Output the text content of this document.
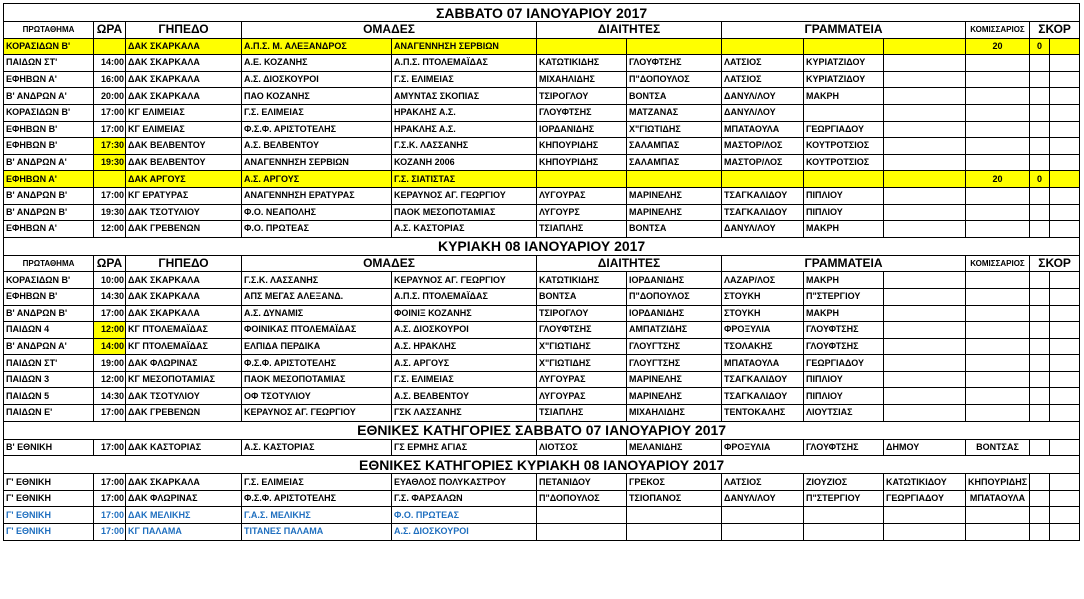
ΣΑΒΒΑΤΟ 07 ΙΑΝΟΥΑΡΙΟΥ 2017												
ΠΡΩΤΑΘΗΜΑ	ΩΡΑ	ΓΗΠΕΔΟ	ΟΜΑΔΕΣ		ΔΙΑΙΤΗΤΕΣ		ΓΡΑΜΜΑΤΕΙΑ			ΚΟΜΙΣΣΑΡΙΟΣ	ΣΚΟΡ	
ΚΟΡΑΣΙΔΩΝ Β'		ΔΑΚ ΣΚΑΡΚΑΛΑ	Α.Π.Σ. Μ. ΑΛΕΞΑΝΔΡΟΣ	ΑΝΑΓΕΝΝΗΣΗ ΣΕΡΒΙΩΝ						20	0	
ΠΑΙΔΩΝ ΣΤ'	14:00	ΔΑΚ ΣΚΑΡΚΑΛΑ	Α.Ε. ΚΟΖΑΝΗΣ	Α.Π.Σ. ΠΤΟΛΕΜΑΪΔΑΣ	ΚΑΤΩΤΙΚΙΔΗΣ	ΓΛΟΥΦΤΣΗΣ	ΛΑΤΣΙΟΣ	ΚΥΡΙΑΤΖΙΔΟΥ				
ΕΦΗΒΩΝ Α'	16:00	ΔΑΚ ΣΚΑΡΚΑΛΑ	Α.Σ. ΔΙΟΣΚΟΥΡΟΙ	Γ.Σ. ΕΛΙΜΕΙΑΣ	ΜΙΧΑΗΛΙΔΗΣ	Π"ΔΟΠΟΥΛΟΣ	ΛΑΤΣΙΟΣ	ΚΥΡΙΑΤΖΙΔΟΥ				
Β' ΑΝΔΡΩΝ Α'	20:00	ΔΑΚ ΣΚΑΡΚΑΛΑ	ΠΑΟ ΚΟΖΑΝΗΣ	ΑΜΥΝΤΑΣ ΣΚΟΠΙΑΣ	ΤΣΙΡΟΓΛΟΥ	ΒΟΝΤΣΑ	ΔΑΝΥΛ/ΛΟΥ	ΜΑΚΡΗ				
ΚΟΡΑΣΙΔΩΝ Β'	17:00	ΚΓ ΕΛΙΜΕΙΑΣ	Γ.Σ. ΕΛΙΜΕΙΑΣ	ΗΡΑΚΛΗΣ Α.Σ.	ΓΛΟΥΦΤΣΗΣ	ΜΑΤΖΑΝΑΣ	ΔΑΝΥΛ/ΛΟΥ					
ΕΦΗΒΩΝ Β'	17:00	ΚΓ ΕΛΙΜΕΙΑΣ	Φ.Σ.Φ. ΑΡΙΣΤΟΤΕΛΗΣ	ΗΡΑΚΛΗΣ Α.Σ.	ΙΟΡΔΑΝΙΔΗΣ	Χ"ΓΙΩΤΙΔΗΣ	ΜΠΑΤΑΟΥΛΑ	ΓΕΩΡΓΙΑΔΟΥ				
ΕΦΗΒΩΝ Β'	17:30	ΔΑΚ ΒΕΛΒΕΝΤΟΥ	Α.Σ. ΒΕΛΒΕΝΤΟΥ	Γ.Σ.Κ. ΛΑΣΣΑΝΗΣ	ΚΗΠΟΥΡΙΔΗΣ	ΣΑΛΑΜΠΑΣ	ΜΑΣΤΟΡ/ΛΟΣ	ΚΟΥΤΡΟΤΣΙΟΣ				
Β' ΑΝΔΡΩΝ Α'	19:30	ΔΑΚ ΒΕΛΒΕΝΤΟΥ	ΑΝΑΓΕΝΝΗΣΗ ΣΕΡΒΙΩΝ	ΚΟΖΑΝΗ 2006	ΚΗΠΟΥΡΙΔΗΣ	ΣΑΛΑΜΠΑΣ	ΜΑΣΤΟΡ/ΛΟΣ	ΚΟΥΤΡΟΤΣΙΟΣ				
ΕΦΗΒΩΝ Α'		ΔΑΚ ΑΡΓΟΥΣ	Α.Σ. ΑΡΓΟΥΣ	Γ.Σ. ΣΙΑΤΙΣΤΑΣ						20	0	
Β' ΑΝΔΡΩΝ Β'	17:00	ΚΓ ΕΡΑΤΥΡΑΣ	ΑΝΑΓΕΝΝΗΣΗ ΕΡΑΤΥΡΑΣ	ΚΕΡΑΥΝΟΣ ΑΓ. ΓΕΩΡΓΙΟΥ	ΛΥΓΟΥΡΑΣ	ΜΑΡΙΝΕΛΗΣ	ΤΣΑΓΚΑΛΙΔΟΥ	ΠΙΠΛΙΟΥ				
Β' ΑΝΔΡΩΝ Β'	19:30	ΔΑΚ ΤΣΟΤΥΛΙΟΥ	Φ.Ο. ΝΕΑΠΟΛΗΣ	ΠΑΟΚ ΜΕΣΟΠΟΤΑΜΙΑΣ	ΛΥΓΟΥΡΣ	ΜΑΡΙΝΕΛΗΣ	ΤΣΑΓΚΑΛΙΔΟΥ	ΠΙΠΛΙΟΥ				
ΕΦΗΒΩΝ Α'	12:00	ΔΑΚ ΓΡΕΒΕΝΩΝ	Φ.Ο. ΠΡΩΤΕΑΣ	Α.Σ. ΚΑΣΤΟΡΙΑΣ	ΤΣΙΑΠΛΗΣ	ΒΟΝΤΣΑ	ΔΑΝΥΛ/ΛΟΥ	ΜΑΚΡΗ				
ΚΥΡΙΑΚΗ 08 ΙΑΝΟΥΑΡΙΟΥ 2017												
ΠΡΩΤΑΘΗΜΑ	ΩΡΑ	ΓΗΠΕΔΟ	ΟΜΑΔΕΣ		ΔΙΑΙΤΗΤΕΣ		ΓΡΑΜΜΑΤΕΙΑ			ΚΟΜΙΣΣΑΡΙΟΣ	ΣΚΟΡ	
ΚΟΡΑΣΙΔΩΝ Β'	10:00	ΔΑΚ ΣΚΑΡΚΑΛΑ	Γ.Σ.Κ. ΛΑΣΣΑΝΗΣ	ΚΕΡΑΥΝΟΣ ΑΓ. ΓΕΩΡΓΙΟΥ	ΚΑΤΩΤΙΚΙΔΗΣ	ΙΟΡΔΑΝΙΔΗΣ	ΛΑΖΑΡ/ΛΟΣ	ΜΑΚΡΗ				
ΕΦΗΒΩΝ Β'	14:30	ΔΑΚ ΣΚΑΡΚΑΛΑ	ΑΠΣ ΜΕΓΑΣ ΑΛΕΞΑΝΔ.	Α.Π.Σ. ΠΤΟΛΕΜΑΪΔΑΣ	ΒΟΝΤΣΑ	Π"ΔΟΠΟΥΛΟΣ	ΣΤΟΥΚΗ	Π"ΣΤΕΡΓΙΟΥ				
Β' ΑΝΔΡΩΝ Β'	17:00	ΔΑΚ ΣΚΑΡΚΑΛΑ	Α.Σ. ΔΥΝΑΜΙΣ	ΦΟΙΝΙΞ ΚΟΖΑΝΗΣ	ΤΣΙΡΟΓΛΟΥ	ΙΟΡΔΑΝΙΔΗΣ	ΣΤΟΥΚΗ	ΜΑΚΡΗ				
ΠΑΙΔΩΝ 4	12:00	ΚΓ ΠΤΟΛΕΜΑΪΔΑΣ	ΦΟΙΝΙΚΑΣ ΠΤΟΛΕΜΑΪΔΑΣ	Α.Σ. ΔΙΟΣΚΟΥΡΟΙ	ΓΛΟΥΦΤΣΗΣ	ΑΜΠΑΤΖΙΔΗΣ	ΦΡΟΞΥΛΙΑ	ΓΛΟΥΦΤΣΗΣ				
Β' ΑΝΔΡΩΝ Α'	14:00	ΚΓ ΠΤΟΛΕΜΑΪΔΑΣ	ΕΛΠΙΔΑ ΠΕΡΔΙΚΑ	Α.Σ. ΗΡΑΚΛΗΣ	Χ"ΓΙΩΤΙΔΗΣ	ΓΛΟΥΓΤΣΗΣ	ΤΣΟΛΑΚΗΣ	ΓΛΟΥΦΤΣΗΣ				
ΠΑΙΔΩΝ ΣΤ'	19:00	ΔΑΚ ΦΛΩΡΙΝΑΣ	Φ.Σ.Φ. ΑΡΙΣΤΟΤΕΛΗΣ	Α.Σ. ΑΡΓΟΥΣ	Χ"ΓΙΩΤΙΔΗΣ	ΓΛΟΥΓΤΣΗΣ	ΜΠΑΤΑΟΥΛΑ	ΓΕΩΡΓΙΑΔΟΥ				
ΠΑΙΔΩΝ 3	12:00	ΚΓ ΜΕΣΟΠΟΤΑΜΙΑΣ	ΠΑΟΚ ΜΕΣΟΠΟΤΑΜΙΑΣ	Γ.Σ. ΕΛΙΜΕΙΑΣ	ΛΥΓΟΥΡΑΣ	ΜΑΡΙΝΕΛΗΣ	ΤΣΑΓΚΑΛΙΔΟΥ	ΠΙΠΛΙΟΥ				
ΠΑΙΔΩΝ 5	14:30	ΔΑΚ ΤΣΟΤΥΛΙΟΥ	ΟΦ ΤΣΟΤΥΛΙΟΥ	Α.Σ. ΒΕΛΒΕΝΤΟΥ	ΛΥΓΟΥΡΑΣ	ΜΑΡΙΝΕΛΗΣ	ΤΣΑΓΚΑΛΙΔΟΥ	ΠΙΠΛΙΟΥ				
ΠΑΙΔΩΝ Ε'	17:00	ΔΑΚ ΓΡΕΒΕΝΩΝ	ΚΕΡΑΥΝΟΣ ΑΓ. ΓΕΩΡΓΙΟΥ	ΓΣΚ ΛΑΣΣΑΝΗΣ	ΤΣΙΑΠΛΗΣ	ΜΙΧΑΗΛΙΔΗΣ	ΤΕΝΤΟΚΑΛΗΣ	ΛΙΟΥΤΣΙΑΣ				
ΕΘΝΙΚΕΣ ΚΑΤΗΓΟΡΙΕΣ ΣΑΒΒΑΤΟ 07 ΙΑΝΟΥΑΡΙΟΥ 2017												
Β' ΕΘΝΙΚΗ	17:00	ΔΑΚ ΚΑΣΤΟΡΙΑΣ	Α.Σ. ΚΑΣΤΟΡΙΑΣ	ΓΣ ΕΡΜΗΣ ΑΓΙΑΣ	ΛΙΟΤΣΟΣ	ΜΕΛΑΝΙΔΗΣ	ΦΡΟΞΥΛΙΑ	ΓΛΟΥΦΤΣΗΣ	ΔΗΜΟΥ	ΒΟΝΤΣΑΣ		
ΕΘΝΙΚΕΣ ΚΑΤΗΓΟΡΙΕΣ ΚΥΡΙΑΚΗ 08 ΙΑΝΟΥΑΡΙΟΥ 2017												
Γ' ΕΘΝΙΚΗ	17:00	ΔΑΚ ΣΚΑΡΚΑΛΑ	Γ.Σ. ΕΛΙΜΕΙΑΣ	ΕΥΑΘΛΟΣ ΠΟΛΥΚΑΣΤΡΟΥ	ΠΕΤΑΝΙΔΟΥ	ΓΡΕΚΟΣ	ΛΑΤΣΙΟΣ	ΖΙΟΥΖΙΟΣ	ΚΑΤΩΤΙΚΙΔΟΥ	ΚΗΠΟΥΡΙΔΗΣ		
Γ' ΕΘΝΙΚΗ	17:00	ΔΑΚ ΦΛΩΡΙΝΑΣ	Φ.Σ.Φ. ΑΡΙΣΤΟΤΕΛΗΣ	Γ.Σ. ΦΑΡΣΑΛΩΝ	Π"ΔΟΠΟΥΛΟΣ	ΤΣΙΟΠΑΝΟΣ	ΔΑΝΥΛ/ΛΟΥ	Π"ΣΤΕΡΓΙΟΥ	ΓΕΩΡΓΙΑΔΟΥ	ΜΠΑΤΑΟΥΛΑ		
Γ' ΕΘΝΙΚΗ	17:00	ΔΑΚ ΜΕΛΙΚΗΣ	Γ.Α.Σ. ΜΕΛΙΚΗΣ	Φ.Ο. ΠΡΩΤΕΑΣ								
Γ' ΕΘΝΙΚΗ	17:00	ΚΓ ΠΑΛΑΜΑ	ΤΙΤΑΝΕΣ ΠΑΛΑΜΑ	Α.Σ. ΔΙΟΣΚΟΥΡΟΙ								
